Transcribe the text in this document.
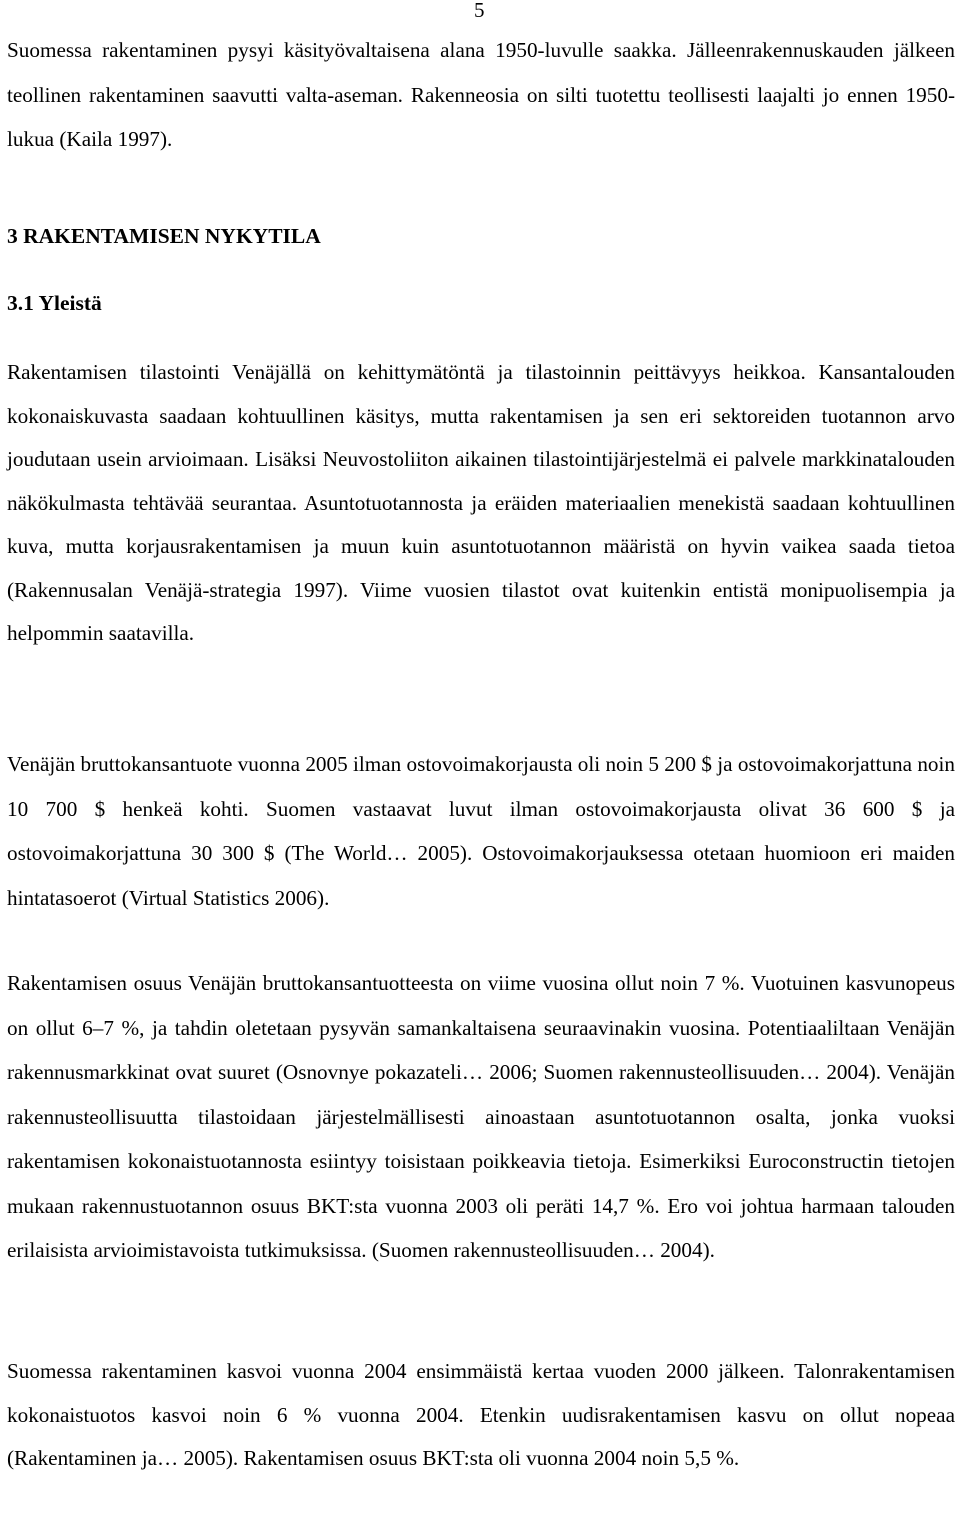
5

Suomessa rakentaminen pysyi käsityövaltaisena alana 1950-luvulle saakka. Jälleenrakennuskauden jälkeen teollinen rakentaminen saavutti valta-aseman. Rakenneosia on silti tuotettu teollisesti laajalti jo ennen 1950-lukua (Kaila 1997).

3 RAKENTAMISEN NYKYTILA
3.1 Yleistä

Rakentamisen tilastointi Venäjällä on kehittymätöntä ja tilastoinnin peittävyys heikkoa. Kansantalouden kokonaiskuvasta saadaan kohtuullinen käsitys, mutta rakentamisen ja sen eri sektoreiden tuotannon arvo joudutaan usein arvioimaan. Lisäksi Neuvostoliiton aikainen tilastointijärjestelmä ei palvele markkinatalouden näkökulmasta tehtävää seurantaa. Asuntotuotannosta ja eräiden materiaalien menekistä saadaan kohtuullinen kuva, mutta korjausrakentamisen ja muun kuin asuntotuotannon määristä on hyvin vaikea saada tietoa (Rakennusalan Venäjä-strategia 1997). Viime vuosien tilastot ovat kuitenkin entistä monipuolisempia ja helpommin saatavilla.

Venäjän bruttokansantuote vuonna 2005 ilman ostovoimakorjausta oli noin 5 200 $ ja ostovoimakorjattuna noin 10 700 $ henkeä kohti. Suomen vastaavat luvut ilman ostovoimakorjausta olivat 36 600 $ ja ostovoimakorjattuna 30 300 $ (The World… 2005). Ostovoimakorjauksessa otetaan huomioon eri maiden hintatasoerot (Virtual Statistics 2006).

Rakentamisen osuus Venäjän bruttokansantuotteesta on viime vuosina ollut noin 7 %. Vuotuinen kasvunopeus on ollut 6–7 %, ja tahdin oletetaan pysyvän samankaltaisena seuraavinakin vuosina. Potentiaaliltaan Venäjän rakennusmarkkinat ovat suuret (Osnovnye pokazateli… 2006; Suomen rakennusteollisuuden… 2004). Venäjän rakennusteollisuutta tilastoidaan järjestelmällisesti ainoastaan asuntotuotannon osalta, jonka vuoksi rakentamisen kokonaistuotannosta esiintyy toisistaan poikkeavia tietoja. Esimerkiksi Euroconstructin tietojen mukaan rakennustuotannon osuus BKT:sta vuonna 2003 oli peräti 14,7 %. Ero voi johtua harmaan talouden erilaisista arvioimistavoista tutkimuksissa. (Suomen rakennusteollisuuden… 2004).

Suomessa rakentaminen kasvoi vuonna 2004 ensimmäistä kertaa vuoden 2000 jälkeen. Talonrakentamisen kokonaistuotos kasvoi noin 6 % vuonna 2004. Etenkin uudisrakentamisen kasvu on ollut nopeaa (Rakentaminen ja… 2005). Rakentamisen osuus BKT:sta oli vuonna 2004 noin 5,5 %.
